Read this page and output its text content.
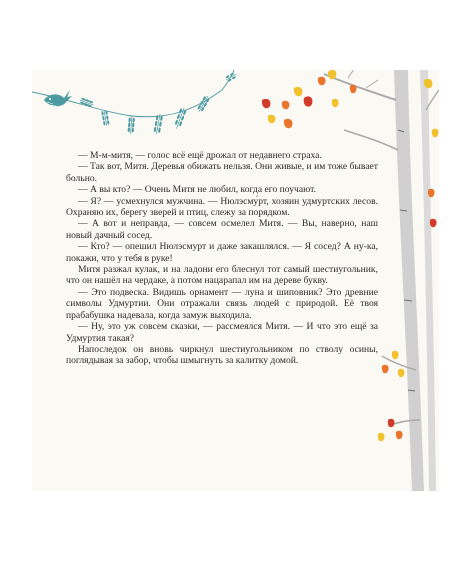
— М-м-митя, — голос всё ещё дрожал от недавнего страха.

— Так вот, Митя. Деревья обижать нельзя. Они живые, и им тоже бывает больно.

— А вы кто? — Очень Митя не любил, когда его поучают.

— Я? — усмехнулся мужчина. — Нюлэсму́рт, хозяин удмуртских лесов. Охраняю их, берегу зверей и птиц, слежу за порядком.

— А вот и неправда, — совсем осмелел Митя. — Вы, наверно, наш новый дачный сосед.

— Кто? — опешил Нюлэсмурт и даже закашлялся. — Я сосед? А ну-ка, покажи, что у тебя в руке!

Митя разжал кулак, и на ладони его блеснул тот самый шестиугольник, что он нашёл на чердаке, а потом нацарапал им на дереве букву.

— Это подвеска. Видишь орнамент — луна и шиповник? Это древние символы Удмуртии. Они отражали связь людей с природой. Её твоя прабабушка надевала, когда замуж выходила.

— Ну, это уж совсем сказки, — рассмеялся Митя. — И что это ещё за Удмуртия такая?

Напоследок он вновь чиркнул шестиугольником по стволу осины, поглядывая за забор, чтобы шмыгнуть за калитку домой.
